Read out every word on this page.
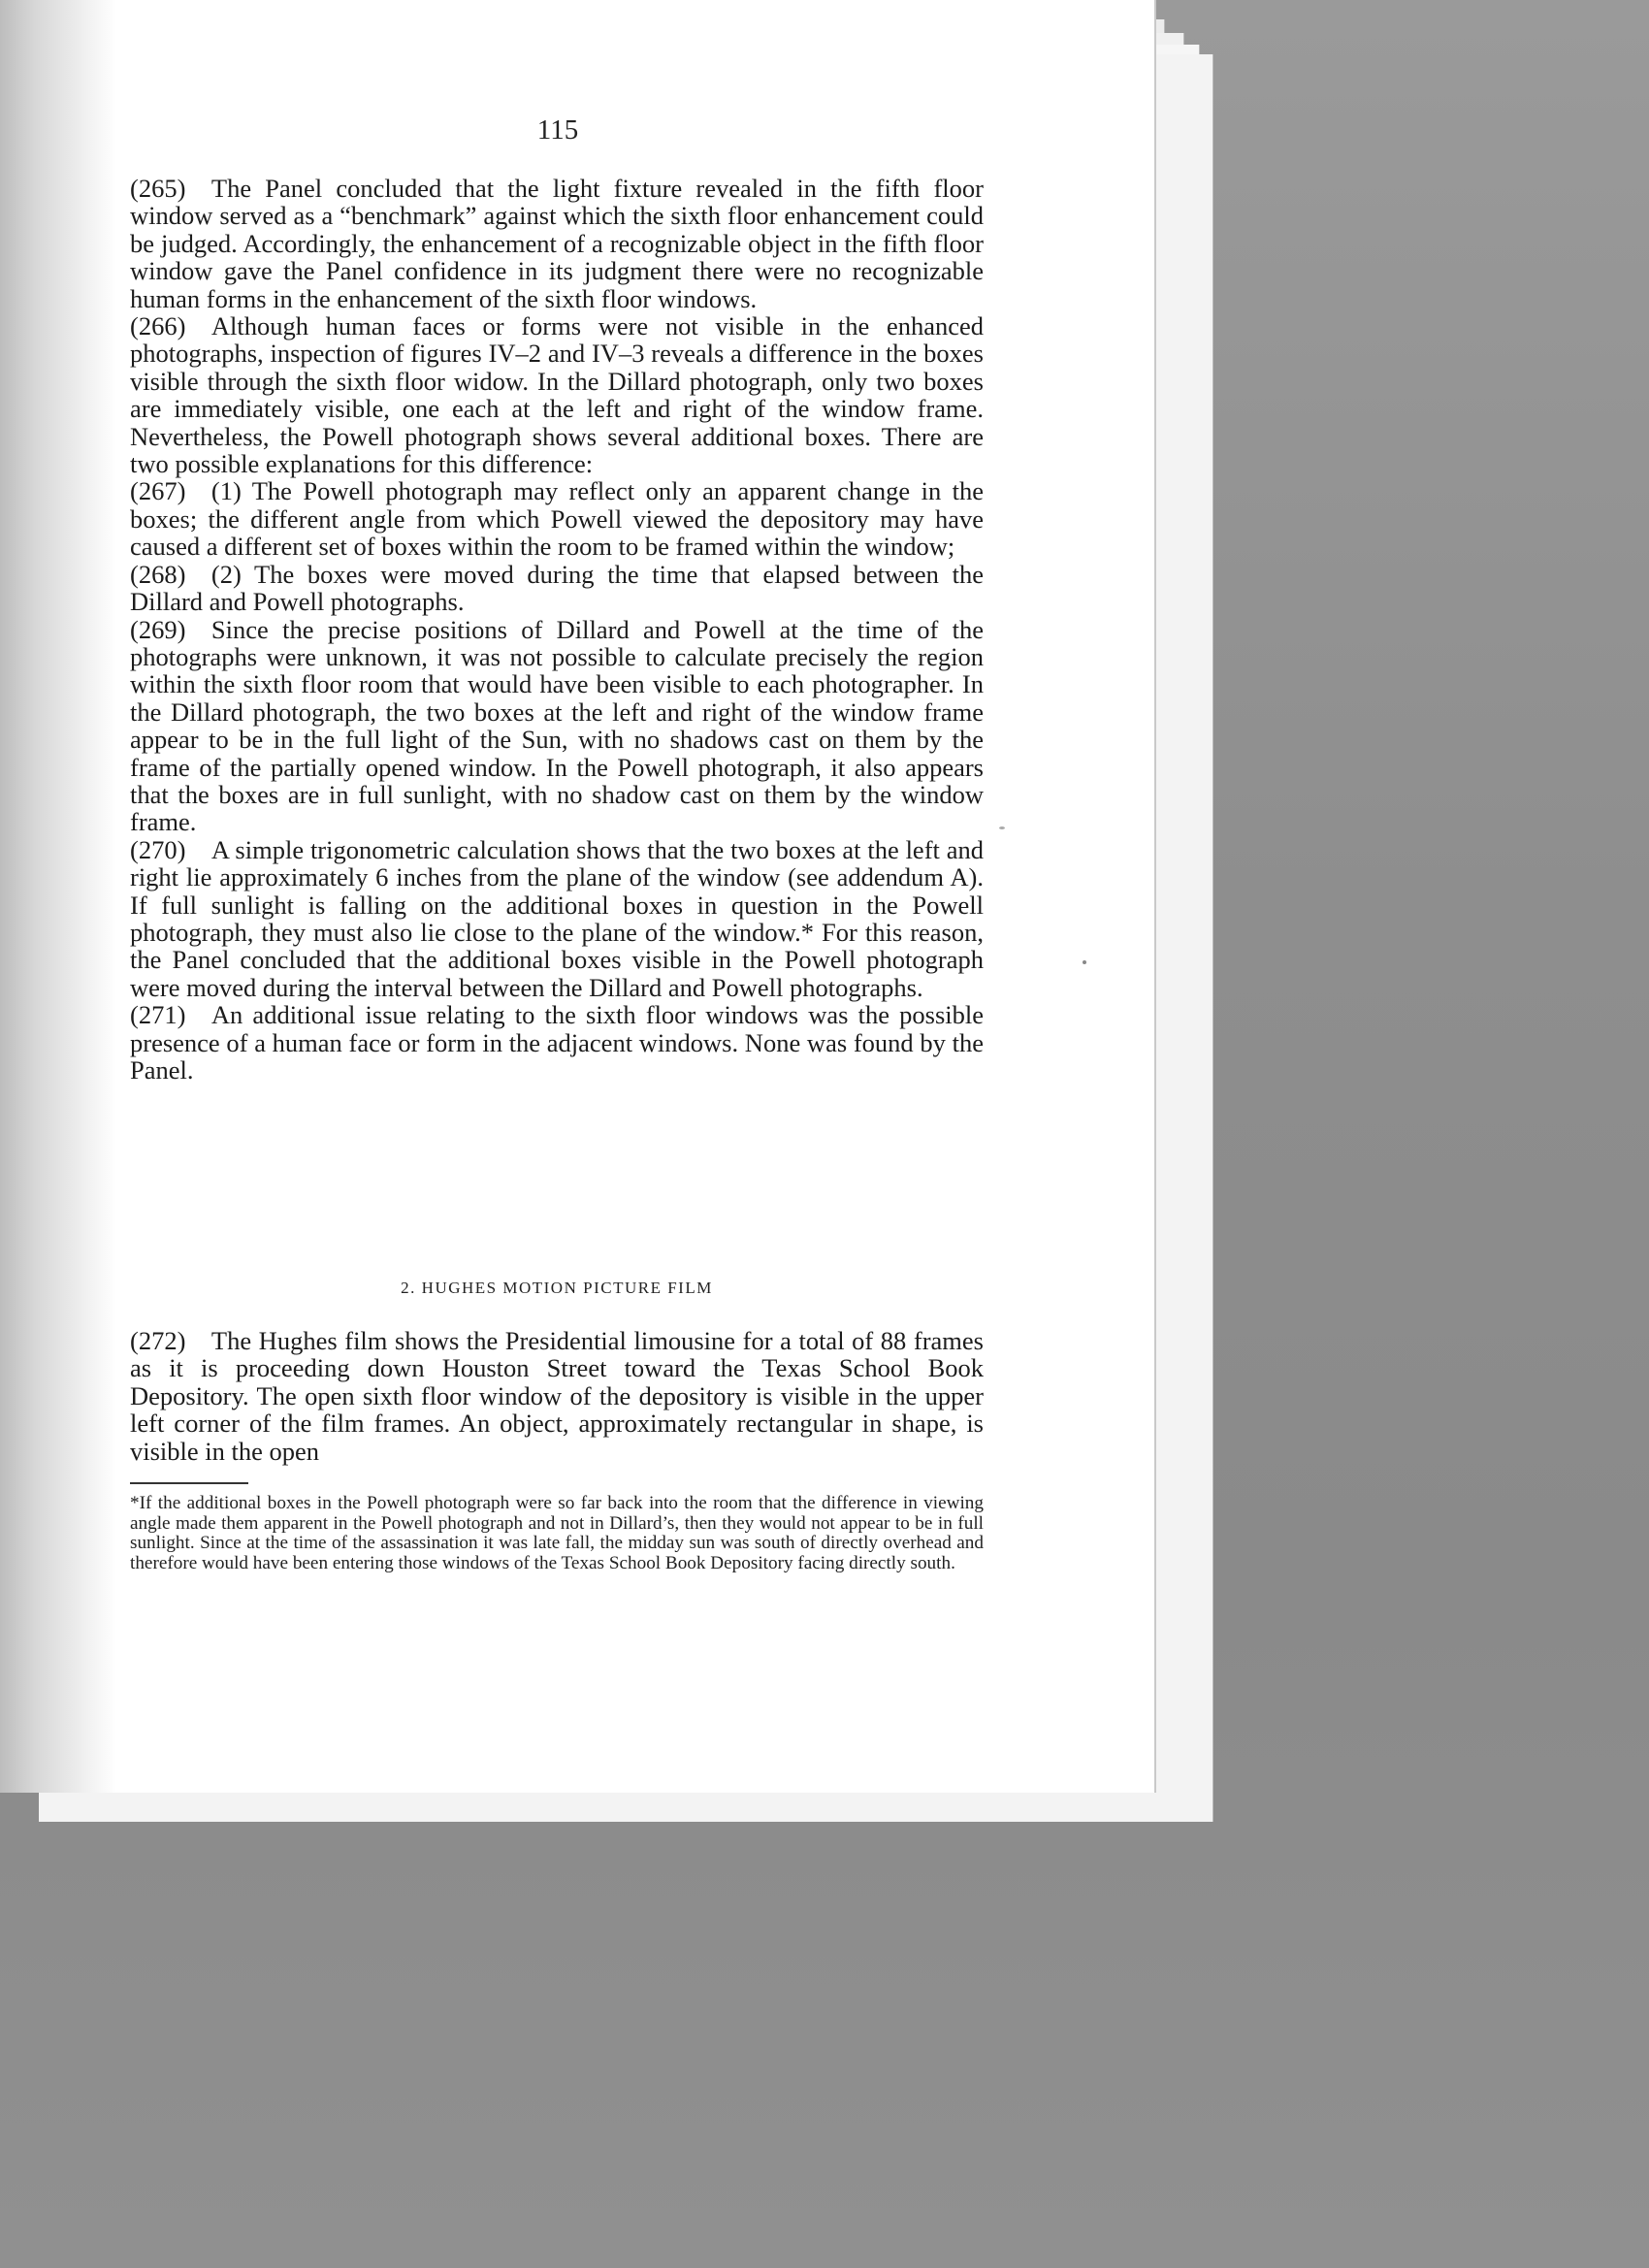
115

(265) The Panel concluded that the light fixture revealed in the fifth floor window served as a “benchmark” against which the sixth floor enhancement could be judged. Accordingly, the enhancement of a recognizable object in the fifth floor window gave the Panel confidence in its judgment there were no recognizable human forms in the enhancement of the sixth floor windows.

(266) Although human faces or forms were not visible in the enhanced photographs, inspection of figures IV–2 and IV–3 reveals a difference in the boxes visible through the sixth floor widow. In the Dillard photograph, only two boxes are immediately visible, one each at the left and right of the window frame. Nevertheless, the Powell photograph shows several additional boxes. There are two possible explanations for this difference:

(267) (1) The Powell photograph may reflect only an apparent change in the boxes; the different angle from which Powell viewed the depository may have caused a different set of boxes within the room to be framed within the window;

(268) (2) The boxes were moved during the time that elapsed between the Dillard and Powell photographs.

(269) Since the precise positions of Dillard and Powell at the time of the photographs were unknown, it was not possible to calculate precisely the region within the sixth floor room that would have been visible to each photographer. In the Dillard photograph, the two boxes at the left and right of the window frame appear to be in the full light of the Sun, with no shadows cast on them by the frame of the partially opened window. In the Powell photograph, it also appears that the boxes are in full sunlight, with no shadow cast on them by the window frame.

(270) A simple trigonometric calculation shows that the two boxes at the left and right lie approximately 6 inches from the plane of the window (see addendum A). If full sunlight is falling on the additional boxes in question in the Powell photograph, they must also lie close to the plane of the window.* For this reason, the Panel concluded that the additional boxes visible in the Powell photograph were moved during the interval between the Dillard and Powell photographs.

(271) An additional issue relating to the sixth floor windows was the possible presence of a human face or form in the adjacent windows. None was found by the Panel.

2. HUGHES MOTION PICTURE FILM

(272) The Hughes film shows the Presidential limousine for a total of 88 frames as it is proceeding down Houston Street toward the Texas School Book Depository. The open sixth floor window of the depository is visible in the upper left corner of the film frames. An object, approximately rectangular in shape, is visible in the open

*If the additional boxes in the Powell photograph were so far back into the room that the difference in viewing angle made them apparent in the Powell photograph and not in Dillard’s, then they would not appear to be in full sunlight. Since at the time of the assassination it was late fall, the midday sun was south of directly overhead and therefore would have been entering those windows of the Texas School Book Depository facing directly south.
